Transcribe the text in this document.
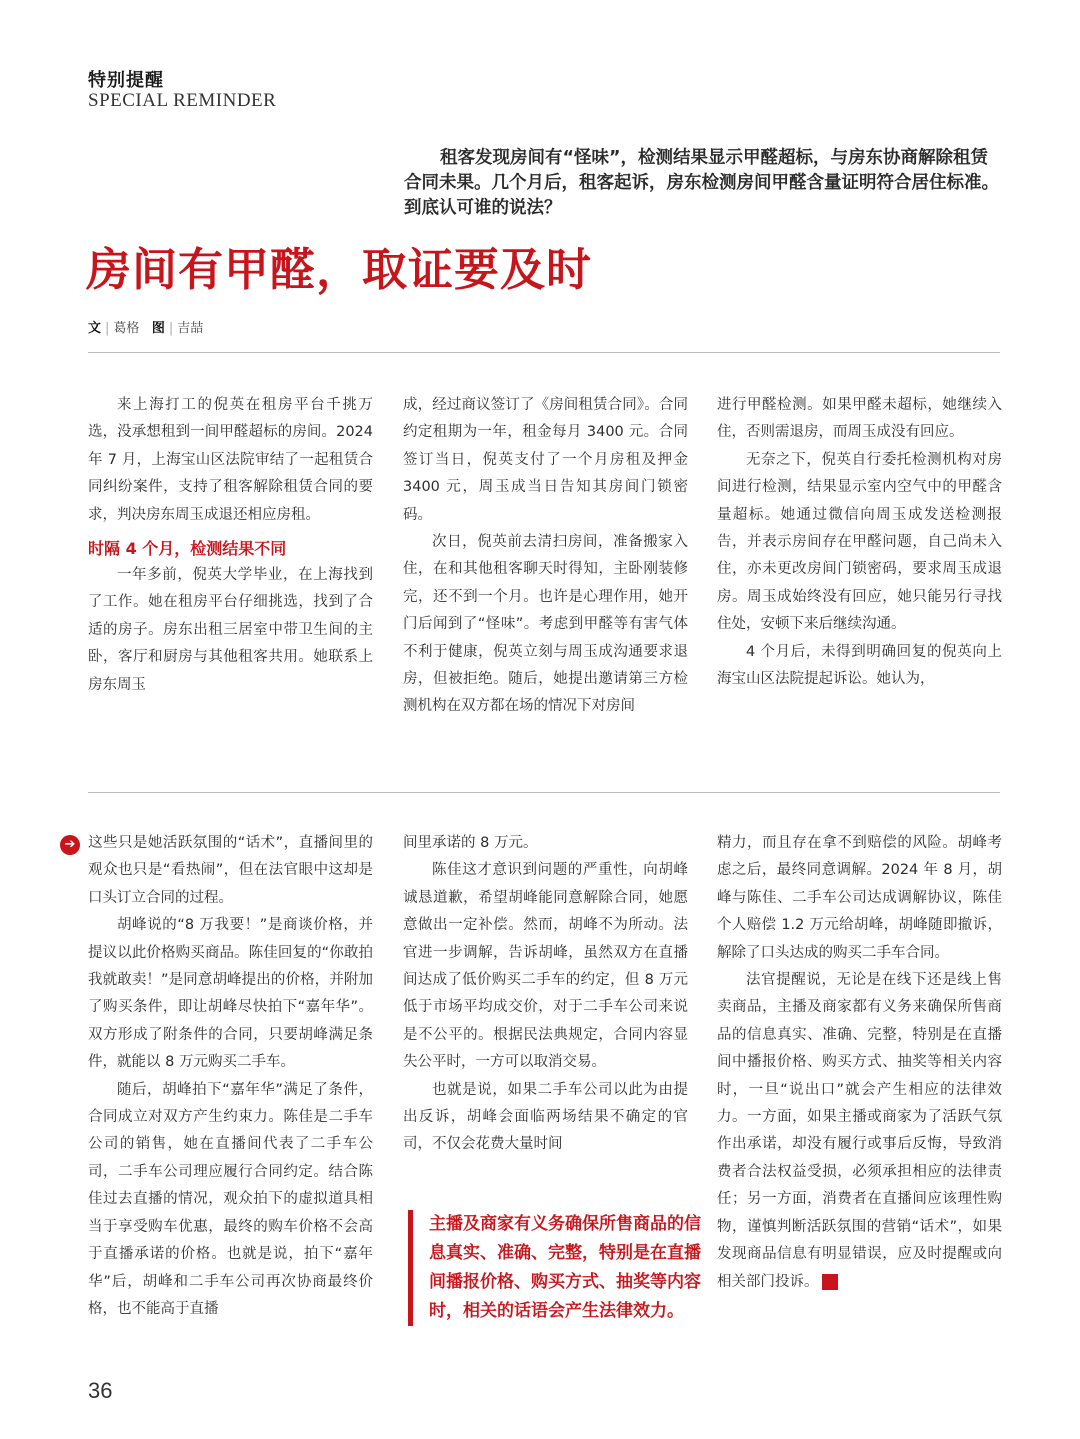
特别提醒
SPECIAL REMINDER

租客发现房间有“怪味”，检测结果显示甲醛超标，与房东协商解除租赁合同未果。几个月后，租客起诉，房东检测房间甲醛含量证明符合居住标准。到底认可谁的说法？

房间有甲醛，取证要及时
文 | 葛格 图 | 吉喆

来上海打工的倪英在租房平台千挑万选，没承想租到一间甲醛超标的房间。2024 年 7 月，上海宝山区法院审结了一起租赁合同纠纷案件，支持了租客解除租赁合同的要求，判决房东周玉成退还相应房租。

时隔 4 个月，检测结果不同

一年多前，倪英大学毕业，在上海找到了工作。她在租房平台仔细挑选，找到了合适的房子。房东出租三居室中带卫生间的主卧，客厅和厨房与其他租客共用。她联系上房东周玉

成，经过商议签订了《房间租赁合同》。合同约定租期为一年，租金每月 3400 元。合同签订当日，倪英支付了一个月房租及押金 3400 元，周玉成当日告知其房间门锁密码。

次日，倪英前去清扫房间，准备搬家入住，在和其他租客聊天时得知，主卧刚装修完，还不到一个月。也许是心理作用，她开门后闻到了“怪味”。考虑到甲醛等有害气体不利于健康，倪英立刻与周玉成沟通要求退房，但被拒绝。随后，她提出邀请第三方检测机构在双方都在场的情况下对房间

进行甲醛检测。如果甲醛未超标，她继续入住，否则需退房，而周玉成没有回应。

无奈之下，倪英自行委托检测机构对房间进行检测，结果显示室内空气中的甲醛含量超标。她通过微信向周玉成发送检测报告，并表示房间存在甲醛问题，自己尚未入住，亦未更改房间门锁密码，要求周玉成退房。周玉成始终没有回应，她只能另行寻找住处，安顿下来后继续沟通。

4 个月后，未得到明确回复的倪英向上海宝山区法院提起诉讼。她认为，

➔ 这些只是她活跃氛围的“话术”，直播间里的观众也只是“看热闹”，但在法官眼中这却是口头订立合同的过程。

胡峰说的“8 万我要！”是商谈价格，并提议以此价格购买商品。陈佳回复的“你敢拍我就敢卖！”是同意胡峰提出的价格，并附加了购买条件，即让胡峰尽快拍下“嘉年华”。双方形成了附条件的合同，只要胡峰满足条件，就能以 8 万元购买二手车。

随后，胡峰拍下“嘉年华”满足了条件，合同成立对双方产生约束力。陈佳是二手车公司的销售，她在直播间代表了二手车公司，二手车公司理应履行合同约定。结合陈佳过去直播的情况，观众拍下的虚拟道具相当于享受购车优惠，最终的购车价格不会高于直播承诺的价格。也就是说，拍下“嘉年华”后，胡峰和二手车公司再次协商最终价格，也不能高于直播

间里承诺的 8 万元。

陈佳这才意识到问题的严重性，向胡峰诚恳道歉，希望胡峰能同意解除合同，她愿意做出一定补偿。然而，胡峰不为所动。法官进一步调解，告诉胡峰，虽然双方在直播间达成了低价购买二手车的约定，但 8 万元低于市场平均成交价，对于二手车公司来说是不公平的。根据民法典规定，合同内容显失公平时，一方可以取消交易。

也就是说，如果二手车公司以此为由提出反诉，胡峰会面临两场结果不确定的官司，不仅会花费大量时间

精力，而且存在拿不到赔偿的风险。胡峰考虑之后，最终同意调解。2024 年 8 月，胡峰与陈佳、二手车公司达成调解协议，陈佳个人赔偿 1.2 万元给胡峰，胡峰随即撤诉，解除了口头达成的购买二手车合同。

法官提醒说，无论是在线下还是线上售卖商品，主播及商家都有义务来确保所售商品的信息真实、准确、完整，特别是在直播间中播报价格、购买方式、抽奖等相关内容时，一旦“说出口”就会产生相应的法律效力。一方面，如果主播或商家为了活跃气氛作出承诺，却没有履行或事后反悔，导致消费者合法权益受损，必须承担相应的法律责任；另一方面，消费者在直播间应该理性购物，谨慎判断活跃氛围的营销“话术”，如果发现商品信息有明显错误，应及时提醒或向相关部门投诉。	72

主播及商家有义务确保所售商品的信息真实、准确、完整，特别是在直播间播报价格、购买方式、抽奖等内容时，相关的话语会产生法律效力。

36
